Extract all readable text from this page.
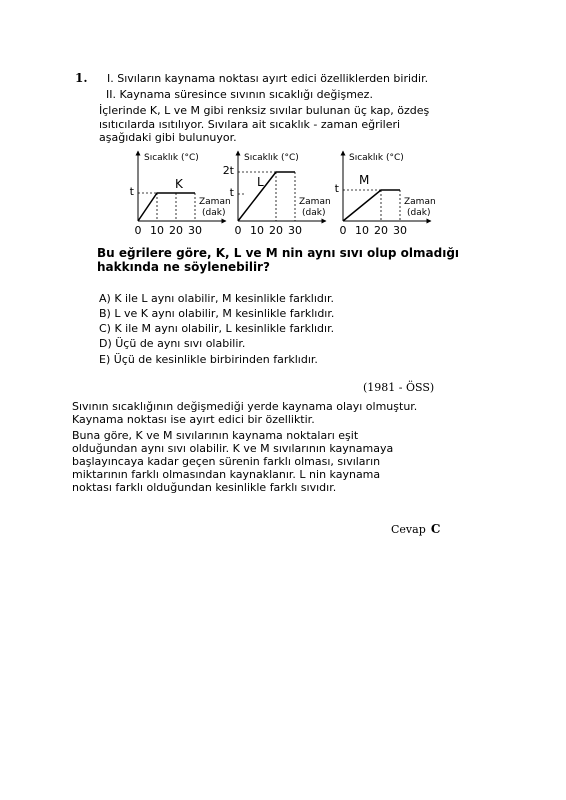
1. I. Sıvıların kaynama noktası ayırt edici özelliklerden biridir.
II. Kaynama süresince sıvının sıcaklığı değişmez.
İçlerinde K, L ve M gibi renksiz sıvılar bulunan üç kap, özdeş
ısıtıcılarda ısıtılıyor. Sıvılara ait sıcaklık - zaman eğrileri
aşağıdaki gibi bulunuyor.
Sıcaklık (°C)
Zaman
(dak)
0 10 20 30
t
K
Sıcaklık (°C)
Zaman
(dak)
0 10 20 30
2t
t
L
Sıcaklık (°C)
Zaman
(dak)
0 10 20 30
t
M
Bu eğrilere göre, K, L ve M nin aynı sıvı olup olmadığı
hakkında ne söylenebilir?
A) K ile L aynı olabilir, M kesinlikle farklıdır.
B) L ve K aynı olabilir, M kesinlikle farklıdır.
C) K ile M aynı olabilir, L kesinlikle farklıdır.
D) Üçü de aynı sıvı olabilir.
E) Üçü de kesinlikle birbirinden farklıdır.
(1981 - ÖSS)
Sıvının sıcaklığının değişmediği yerde kaynama olayı olmuştur.
Kaynama noktası ise ayırt edici bir özelliktir.
Buna göre, K ve M sıvılarının kaynama noktaları eşit
olduğundan aynı sıvı olabilir. K ve M sıvılarının kaynamaya
başlayıncaya kadar geçen sürenin farklı olması, sıvıların
miktarının farklı olmasından kaynaklanır. L nin kaynama
noktası farklı olduğundan kesinlikle farklı sıvıdır.
Cevap C
